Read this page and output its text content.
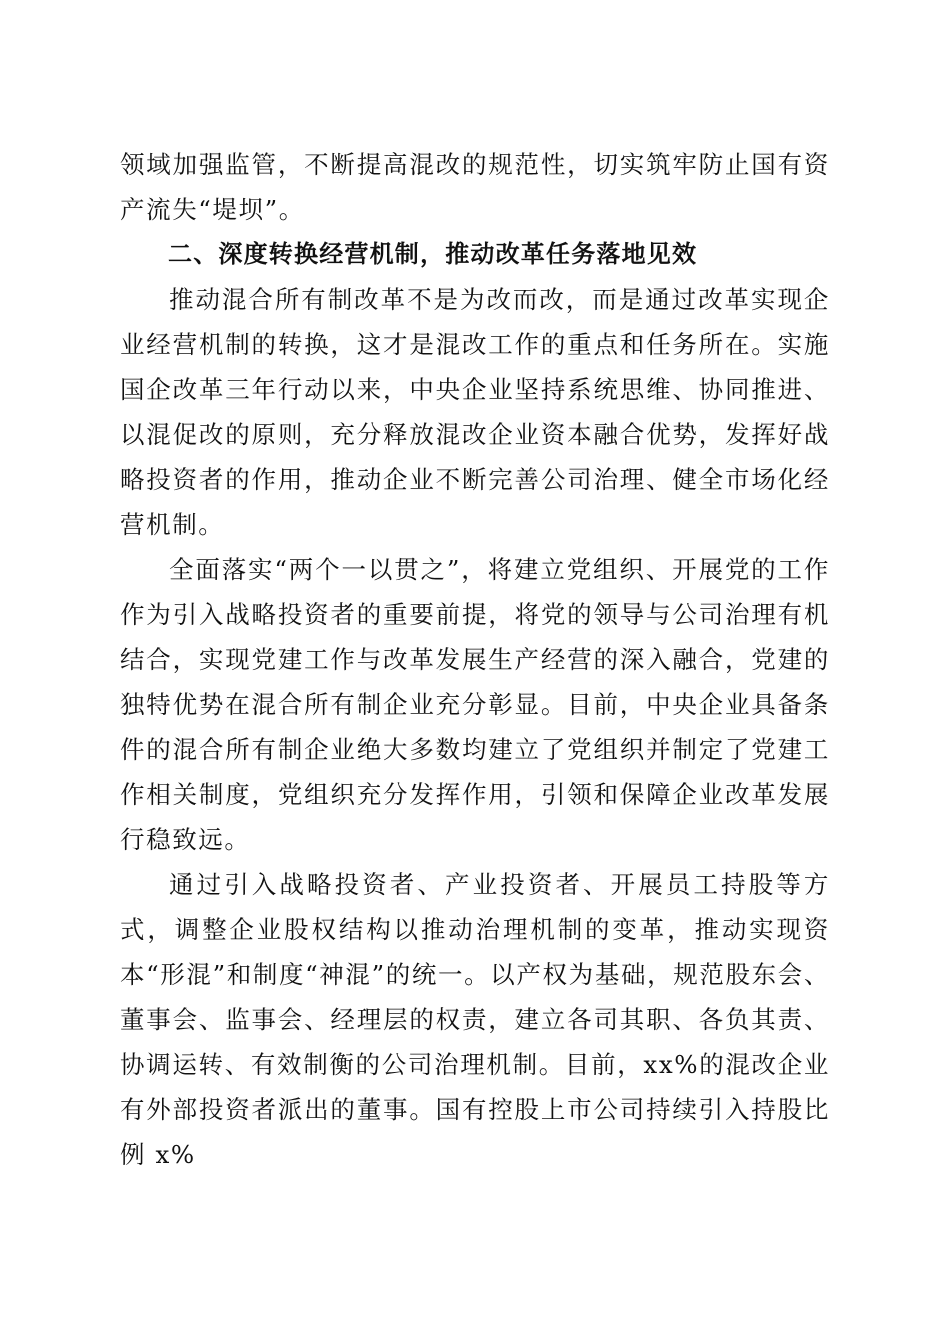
领域加强监管，不断提高混改的规范性，切实筑牢防止国有资产流失“堤坝”。

二、深度转换经营机制，推动改革任务落地见效

推动混合所有制改革不是为改而改，而是通过改革实现企业经营机制的转换，这才是混改工作的重点和任务所在。实施国企改革三年行动以来，中央企业坚持系统思维、协同推进、以混促改的原则，充分释放混改企业资本融合优势，发挥好战略投资者的作用，推动企业不断完善公司治理、健全市场化经营机制。

全面落实“两个一以贯之”，将建立党组织、开展党的工作作为引入战略投资者的重要前提，将党的领导与公司治理有机结合，实现党建工作与改革发展生产经营的深入融合，党建的独特优势在混合所有制企业充分彰显。目前，中央企业具备条件的混合所有制企业绝大多数均建立了党组织并制定了党建工作相关制度，党组织充分发挥作用，引领和保障企业改革发展行稳致远。

通过引入战略投资者、产业投资者、开展员工持股等方式，调整企业股权结构以推动治理机制的变革，推动实现资本“形混”和制度“神混”的统一。以产权为基础，规范股东会、董事会、监事会、经理层的权责，建立各司其职、各负其责、协调运转、有效制衡的公司治理机制。目前，xx%的混改企业有外部投资者派出的董事。国有控股上市公司持续引入持股比例 x%
